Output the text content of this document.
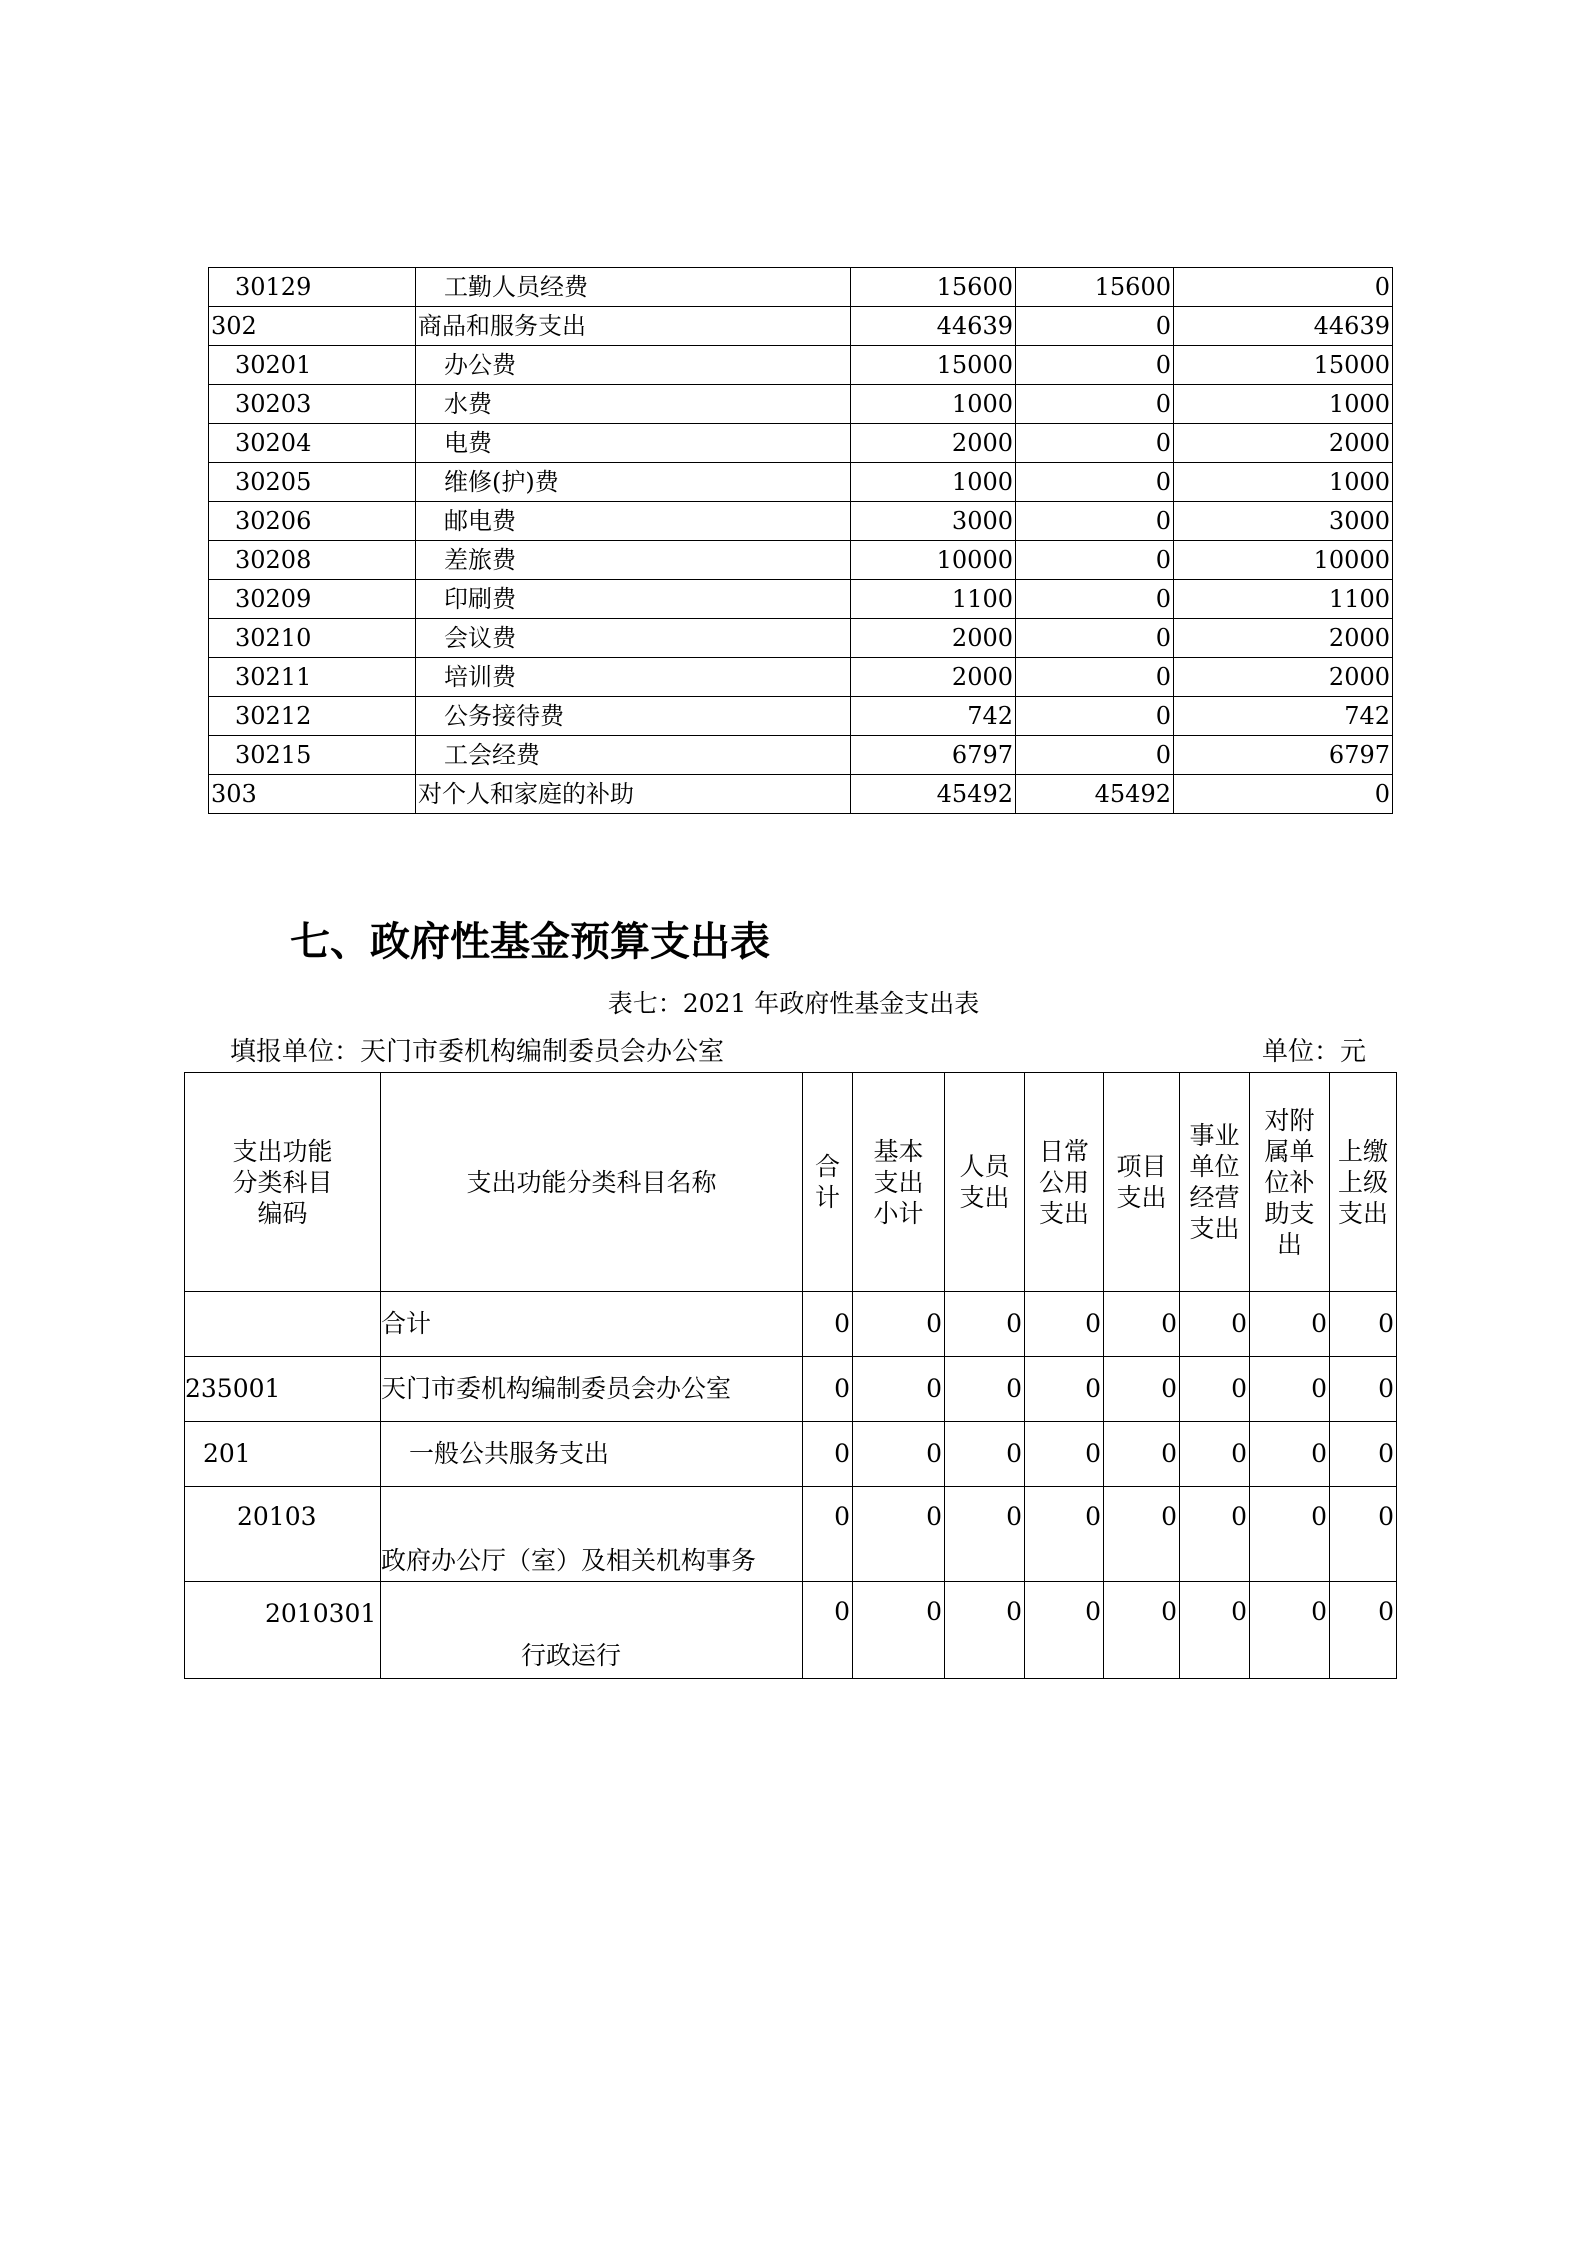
30129	工勤人员经费	15600	15600	0
302	商品和服务支出	44639	0	44639
30201	办公费	15000	0	15000
30203	水费	1000	0	1000
30204	电费	2000	0	2000
30205	维修(护)费	1000	0	1000
30206	邮电费	3000	0	3000
30208	差旅费	10000	0	10000
30209	印刷费	1100	0	1100
30210	会议费	2000	0	2000
30211	培训费	2000	0	2000
30212	公务接待费	742	0	742
30215	工会经费	6797	0	6797
303	对个人和家庭的补助	45492	45492	0
七、政府性基金预算支出表
表七：2021 年政府性基金支出表
填报单位：天门市委机构编制委员会办公室	单位：元
支出功能分类科目编码	支出功能分类科目名称	合计	基本支出小计	人员支出	日常公用支出	项目支出	事业单位经营支出	对附属单位补助支出	上缴上级支出
	合计	0	0	0	0	0	0	0	0
235001	天门市委机构编制委员会办公室	0	0	0	0	0	0	0	0
201	一般公共服务支出	0	0	0	0	0	0	0	0
20103	政府办公厅（室）及相关机构事务	0	0	0	0	0	0	0	0
2010301	行政运行	0	0	0	0	0	0	0	0
